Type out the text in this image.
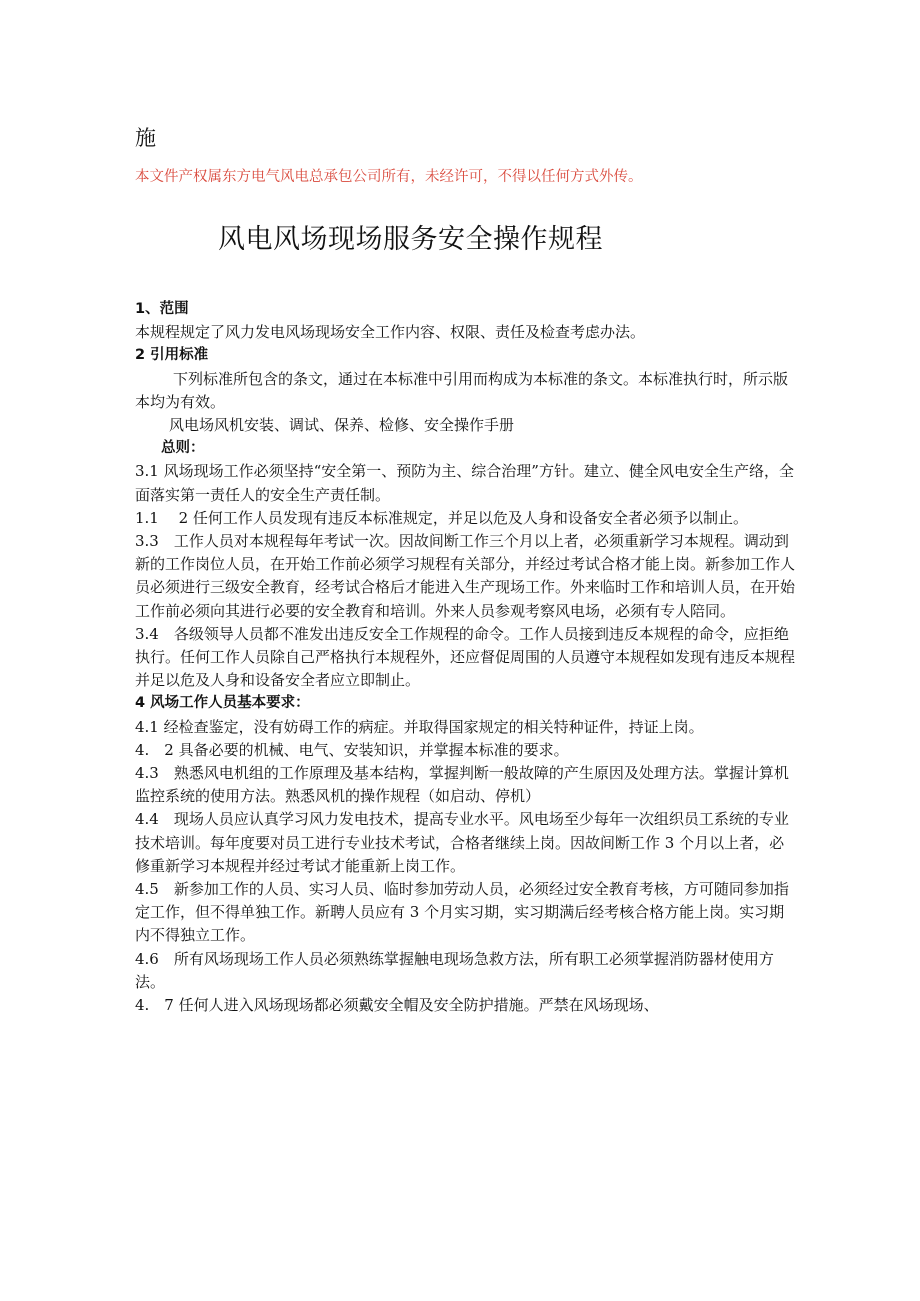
施
本文件产权属东方电气风电总承包公司所有，未经许可，不得以任何方式外传。
风电风场现场服务安全操作规程

1、范围

本规程规定了风力发电风场现场安全工作内容、权限、责任及检查考虑办法。

2 引用标准

下列标准所包含的条文，通过在本标准中引用而构成为本标准的条文。本标准执行时，所示版本均为有效。

风电场风机安装、调试、保养、检修、安全操作手册

总则：

3.1 风场现场工作必须坚持“安全第一、预防为主、综合治理”方针。建立、健全风电安全生产络，全面落实第一责任人的安全生产责任制。

1.1　 2 任何工作人员发现有违反本标准规定，并足以危及人身和设备安全者必须予以制止。

3.3　工作人员对本规程每年考试一次。因故间断工作三个月以上者，必须重新学习本规程。调动到新的工作岗位人员，在开始工作前必须学习规程有关部分，并经过考试合格才能上岗。新参加工作人员必须进行三级安全教育，经考试合格后才能进入生产现场工作。外来临时工作和培训人员，在开始工作前必须向其进行必要的安全教育和培训。外来人员参观考察风电场，必须有专人陪同。

3.4　各级领导人员都不准发出违反安全工作规程的命令。工作人员接到违反本规程的命令，应拒绝执行。任何工作人员除自己严格执行本规程外，还应督促周围的人员遵守本规程如发现有违反本规程并足以危及人身和设备安全者应立即制止。

4 风场工作人员基本要求：

4.1 经检查鉴定，没有妨碍工作的病症。并取得国家规定的相关特种证件，持证上岗。

4.　2 具备必要的机械、电气、安装知识，并掌握本标准的要求。

4.3　熟悉风电机组的工作原理及基本结构，掌握判断一般故障的产生原因及处理方法。掌握计算机监控系统的使用方法。熟悉风机的操作规程（如启动、停机）

4.4　现场人员应认真学习风力发电技术，提高专业水平。风电场至少每年一次组织员工系统的专业技术培训。每年度要对员工进行专业技术考试，合格者继续上岗。因故间断工作 3 个月以上者，必修重新学习本规程并经过考试才能重新上岗工作。

4.5　新参加工作的人员、实习人员、临时参加劳动人员，必须经过安全教育考核，方可随同参加指定工作，但不得单独工作。新聘人员应有 3 个月实习期，实习期满后经考核合格方能上岗。实习期内不得独立工作。

4.6　所有风场现场工作人员必须熟练掌握触电现场急救方法，所有职工必须掌握消防器材使用方法。

4.　7 任何人进入风场现场都必须戴安全帽及安全防护措施。严禁在风场现场、
